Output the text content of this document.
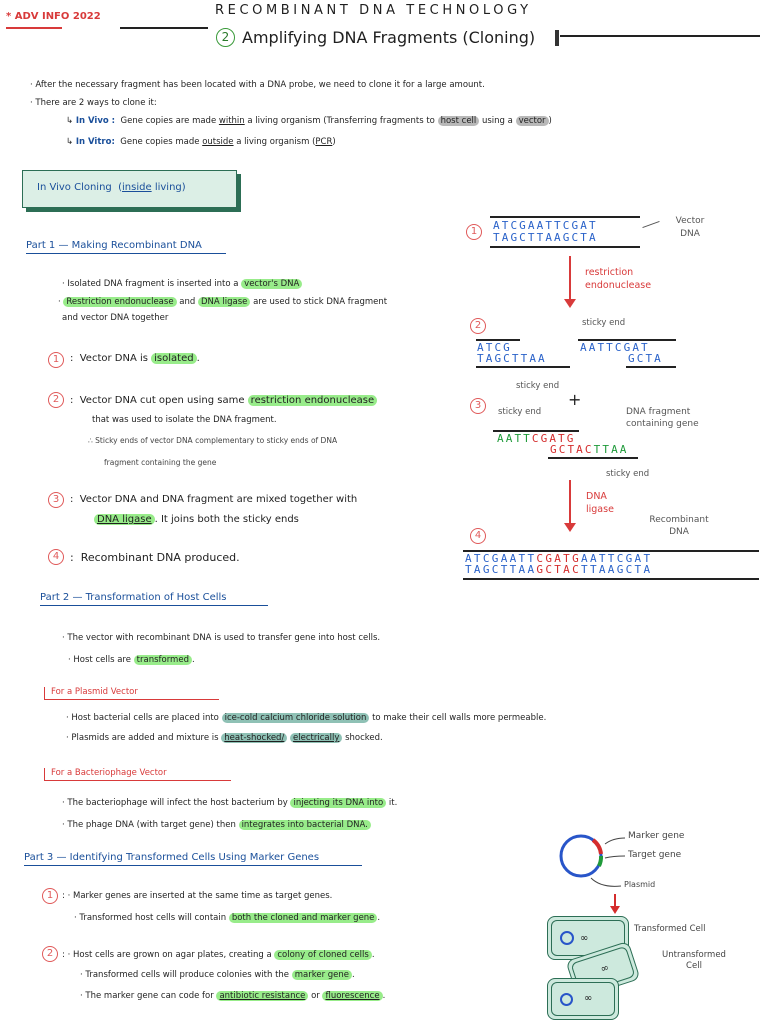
* ADV INFO 2022	RECOMBINANT DNA TECHNOLOGY
2 Amplifying DNA Fragments (Cloning)
· After the necessary fragment has been located with a DNA probe, we need to clone it for a large amount.
· There are 2 ways to clone it:
↳ In Vivo : Gene copies are made within a living organism (Transferring fragments to host cell using a vector )
↳ In Vitro: Gene copies made outside a living organism (PCR)
In Vivo Cloning (inside living)
Part 1 — Making Recombinant DNA
· Isolated DNA fragment is inserted into a vector's DNA
· Restriction endonuclease and DNA ligase are used to stick DNA fragment
and vector DNA together
1	:  Vector DNA is isolated .
2	:  Vector DNA cut open using same restriction endonuclease
that was used to isolate the DNA fragment.
∴ Sticky ends of vector DNA complementary to sticky ends of DNA
fragment containing the gene
3	:  Vector DNA and DNA fragment are mixed together with
DNA ligase . It joins both the sticky ends
4 :  Recombinant DNA produced.
1	ATCGAATTCGAT
TAGCTTAAGCTA
Vector DNA
restriction endonuclease
2
ATCG
TAGCTTAA
sticky end
sticky end
AATTCGAT
GCTA
3
sticky end
+
DNA fragment containing gene
AATTCGATG
GCTACTTAA
sticky end
DNA ligase
Recombinant DNA
4
ATCGAATTCGATGAATTCGAT
TAGCTTAAGCTACTTAAGCTA
Part 2 — Transformation of Host Cells
· The vector with recombinant DNA is used to transfer gene into host cells.
· Host cells are transformed .
For a Plasmid Vector
· Host bacterial cells are placed into ice-cold calcium chloride solution to make their cell walls more permeable.
· Plasmids are added and mixture is heat-shocked/ electrically shocked.
For a Bacteriophage Vector
· The bacteriophage will infect the host bacterium by injecting its DNA into it.
· The phage DNA (with target gene) then integrates into bacterial DNA.
Part 3 — Identifying Transformed Cells Using Marker Genes
1	: · Marker genes are inserted at the same time as target genes.
· Transformed host cells will contain both the cloned and marker gene .
2	: · Host cells are grown on agar plates, creating a colony of cloned cells .
· Transformed cells will produce colonies with the marker gene .
· The marker gene can code for antibiotic resistance or fluorescence .
Marker gene
Target gene
Plasmid
∞
∞
∞
Transformed Cell
Untransformed Cell
